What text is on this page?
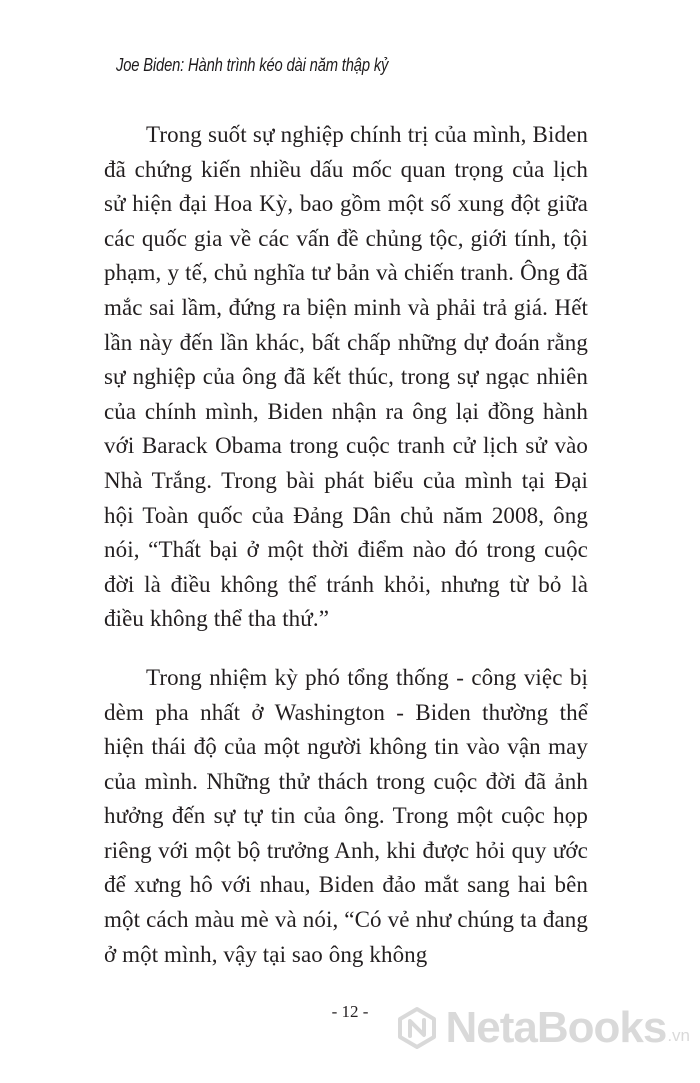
Joe Biden: Hành trình kéo dài năm thập kỷ

Trong suốt sự nghiệp chính trị của mình, Biden đã chứng kiến nhiều dấu mốc quan trọng của lịch sử hiện đại Hoa Kỳ, bao gồm một số xung đột giữa các quốc gia về các vấn đề chủng tộc, giới tính, tội phạm, y tế, chủ nghĩa tư bản và chiến tranh. Ông đã mắc sai lầm, đứng ra biện minh và phải trả giá. Hết lần này đến lần khác, bất chấp những dự đoán rằng sự nghiệp của ông đã kết thúc, trong sự ngạc nhiên của chính mình, Biden nhận ra ông lại đồng hành với Barack Obama trong cuộc tranh cử lịch sử vào Nhà Trắng. Trong bài phát biểu của mình tại Đại hội Toàn quốc của Đảng Dân chủ năm 2008, ông nói, “Thất bại ở một thời điểm nào đó trong cuộc đời là điều không thể tránh khỏi, nhưng từ bỏ là điều không thể tha thứ.”

Trong nhiệm kỳ phó tổng thống - công việc bị dèm pha nhất ở Washington - Biden thường thể hiện thái độ của một người không tin vào vận may của mình. Những thử thách trong cuộc đời đã ảnh hưởng đến sự tự tin của ông. Trong một cuộc họp riêng với một bộ trưởng Anh, khi được hỏi quy ước để xưng hô với nhau, Biden đảo mắt sang hai bên một cách màu mè và nói, “Có vẻ như chúng ta đang ở một mình, vậy tại sao ông không

- 12 -	NetaBooks .vn
